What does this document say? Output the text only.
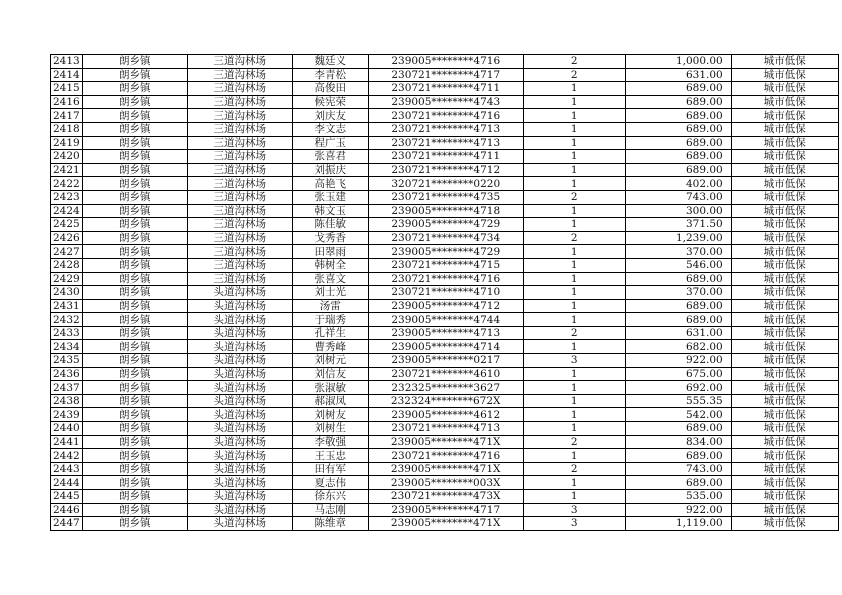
2413	朗乡镇	三道沟林场	魏廷义	239005********4716	2	1,000.00	城市低保
2414	朗乡镇	三道沟林场	李青松	230721********4717	2	631.00	城市低保
2415	朗乡镇	三道沟林场	高俊田	230721********4711	1	689.00	城市低保
2416	朗乡镇	三道沟林场	候宪荣	239005********4743	1	689.00	城市低保
2417	朗乡镇	三道沟林场	刘庆友	230721********4716	1	689.00	城市低保
2418	朗乡镇	三道沟林场	李文志	230721********4713	1	689.00	城市低保
2419	朗乡镇	三道沟林场	程广玉	230721********4713	1	689.00	城市低保
2420	朗乡镇	三道沟林场	张喜君	230721********4711	1	689.00	城市低保
2421	朗乡镇	三道沟林场	刘振庆	230721********4712	1	689.00	城市低保
2422	朗乡镇	三道沟林场	高艳飞	320721********0220	1	402.00	城市低保
2423	朗乡镇	三道沟林场	张玉建	230721********4735	2	743.00	城市低保
2424	朗乡镇	三道沟林场	韩文玉	239005********4718	1	300.00	城市低保
2425	朗乡镇	三道沟林场	陈佳敏	239005********4729	1	371.50	城市低保
2426	朗乡镇	三道沟林场	戈秀香	230721********4734	2	1,239.00	城市低保
2427	朗乡镇	三道沟林场	田翠雨	239005********4729	1	370.00	城市低保
2428	朗乡镇	三道沟林场	韩树全	230721********4715	1	546.00	城市低保
2429	朗乡镇	三道沟林场	张喜文	230721********4716	1	689.00	城市低保
2430	朗乡镇	头道沟林场	刘士光	230721********4710	1	370.00	城市低保
2431	朗乡镇	头道沟林场	汤雷	239005********4712	1	689.00	城市低保
2432	朗乡镇	头道沟林场	于瑞秀	239005********4744	1	689.00	城市低保
2433	朗乡镇	头道沟林场	孔祥生	239005********4713	2	631.00	城市低保
2434	朗乡镇	头道沟林场	曹秀峰	239005********4714	1	682.00	城市低保
2435	朗乡镇	头道沟林场	刘树元	239005********0217	3	922.00	城市低保
2436	朗乡镇	头道沟林场	刘信友	230721********4610	1	675.00	城市低保
2437	朗乡镇	头道沟林场	张淑敏	232325********3627	1	692.00	城市低保
2438	朗乡镇	头道沟林场	郝淑凤	232324********672X	1	555.35	城市低保
2439	朗乡镇	头道沟林场	刘树友	239005********4612	1	542.00	城市低保
2440	朗乡镇	头道沟林场	刘树生	230721********4713	1	689.00	城市低保
2441	朗乡镇	头道沟林场	李敬强	239005********471X	2	834.00	城市低保
2442	朗乡镇	头道沟林场	王玉忠	230721********4716	1	689.00	城市低保
2443	朗乡镇	头道沟林场	田有军	239005********471X	2	743.00	城市低保
2444	朗乡镇	头道沟林场	夏志伟	239005********003X	1	689.00	城市低保
2445	朗乡镇	头道沟林场	徐东兴	230721********473X	1	535.00	城市低保
2446	朗乡镇	头道沟林场	马志刚	239005********4717	3	922.00	城市低保
2447	朗乡镇	头道沟林场	陈维章	239005********471X	3	1,119.00	城市低保
